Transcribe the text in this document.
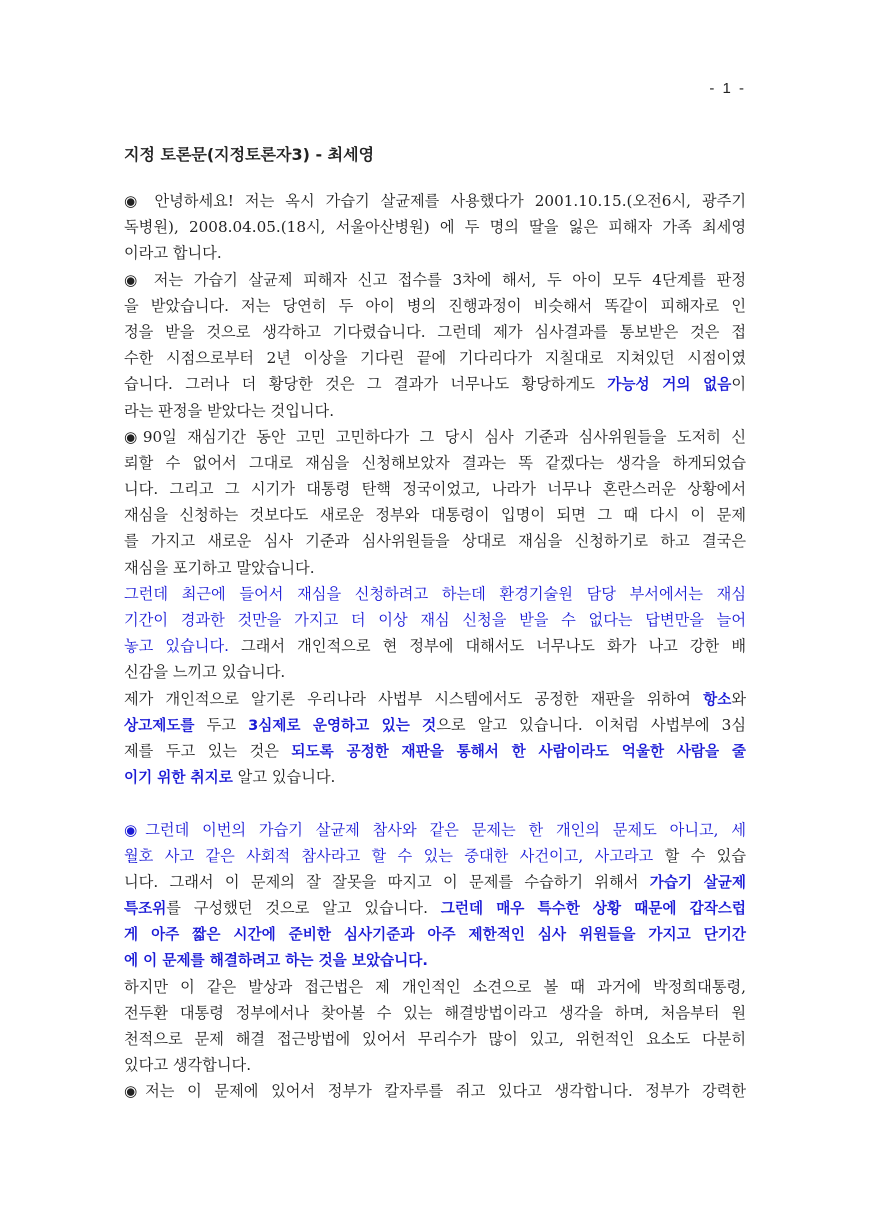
- 1 -
지정 토론문(지정토론자3) - 최세영
◉ 안녕하세요! 저는 옥시 가습기 살균제를 사용했다가 2001.10.15.(오전6시, 광주기
독병원), 2008.04.05.(18시, 서울아산병원) 에 두 명의 딸을 잃은 피해자 가족 최세영
이라고 합니다.
◉ 저는 가습기 살균제 피해자 신고 접수를 3차에 해서, 두 아이 모두 4단계를 판정
을 받았습니다. 저는 당연히 두 아이 병의 진행과정이 비슷해서 똑같이 피해자로 인
정을 받을 것으로 생각하고 기다렸습니다. 그런데 제가 심사결과를 통보받은 것은 접
수한 시점으로부터 2년 이상을 기다린 끝에 기다리다가 지칠대로 지쳐있던 시점이였
습니다. 그러나 더 황당한 것은 그 결과가 너무나도 황당하게도 가능성 거의 없음이
라는 판정을 받았다는 것입니다.
◉90일 재심기간 동안 고민 고민하다가 그 당시 심사 기준과 심사위원들을 도저히 신
뢰할 수 없어서 그대로 재심을 신청해보았자 결과는 똑 같겠다는 생각을 하게되었습
니다. 그리고 그 시기가 대통령 탄핵 정국이었고, 나라가 너무나 혼란스러운 상황에서
재심을 신청하는 것보다도 새로운 정부와 대통령이 입명이 되면 그 때 다시 이 문제
를 가지고 새로운 심사 기준과 심사위원들을 상대로 재심을 신청하기로 하고 결국은
재심을 포기하고 말았습니다.
그런데 최근에 들어서 재심을 신청하려고 하는데 환경기술원 담당 부서에서는 재심
기간이 경과한 것만을 가지고 더 이상 재심 신청을 받을 수 없다는 답변만을 늘어
놓고 있습니다. 그래서 개인적으로 현 정부에 대해서도 너무나도 화가 나고 강한 배
신감을 느끼고 있습니다.
제가 개인적으로 알기론 우리나라 사법부 시스템에서도 공정한 재판을 위하여 항소와
상고제도를 두고 3심제로 운영하고 있는 것으로 알고 있습니다. 이처럼 사법부에 3심
제를 두고 있는 것은 되도록 공정한 재판을 통해서 한 사람이라도 억울한 사람을 줄
이기 위한 취지로 알고 있습니다.
◉그런데 이번의 가습기 살균제 참사와 같은 문제는 한 개인의 문제도 아니고, 세
월호 사고 같은 사회적 참사라고 할 수 있는 중대한 사건이고, 사고라고 할 수 있습
니다. 그래서 이 문제의 잘 잘못을 따지고 이 문제를 수습하기 위해서 가습기 살균제
특조위를 구성했던 것으로 알고 있습니다. 그런데 매우 특수한 상황 때문에 갑작스럽
게 아주 짧은 시간에 준비한 심사기준과 아주 제한적인 심사 위원들을 가지고 단기간
에 이 문제를 해결하려고 하는 것을 보았습니다.
하지만 이 같은 발상과 접근법은 제 개인적인 소견으로 볼 때 과거에 박정희대통령,
전두환 대통령 정부에서나 찾아볼 수 있는 해결방법이라고 생각을 하며, 처음부터 원
천적으로 문제 해결 접근방법에 있어서 무리수가 많이 있고, 위헌적인 요소도 다분히
있다고 생각합니다.
◉저는 이 문제에 있어서 정부가 칼자루를 쥐고 있다고 생각합니다. 정부가 강력한
